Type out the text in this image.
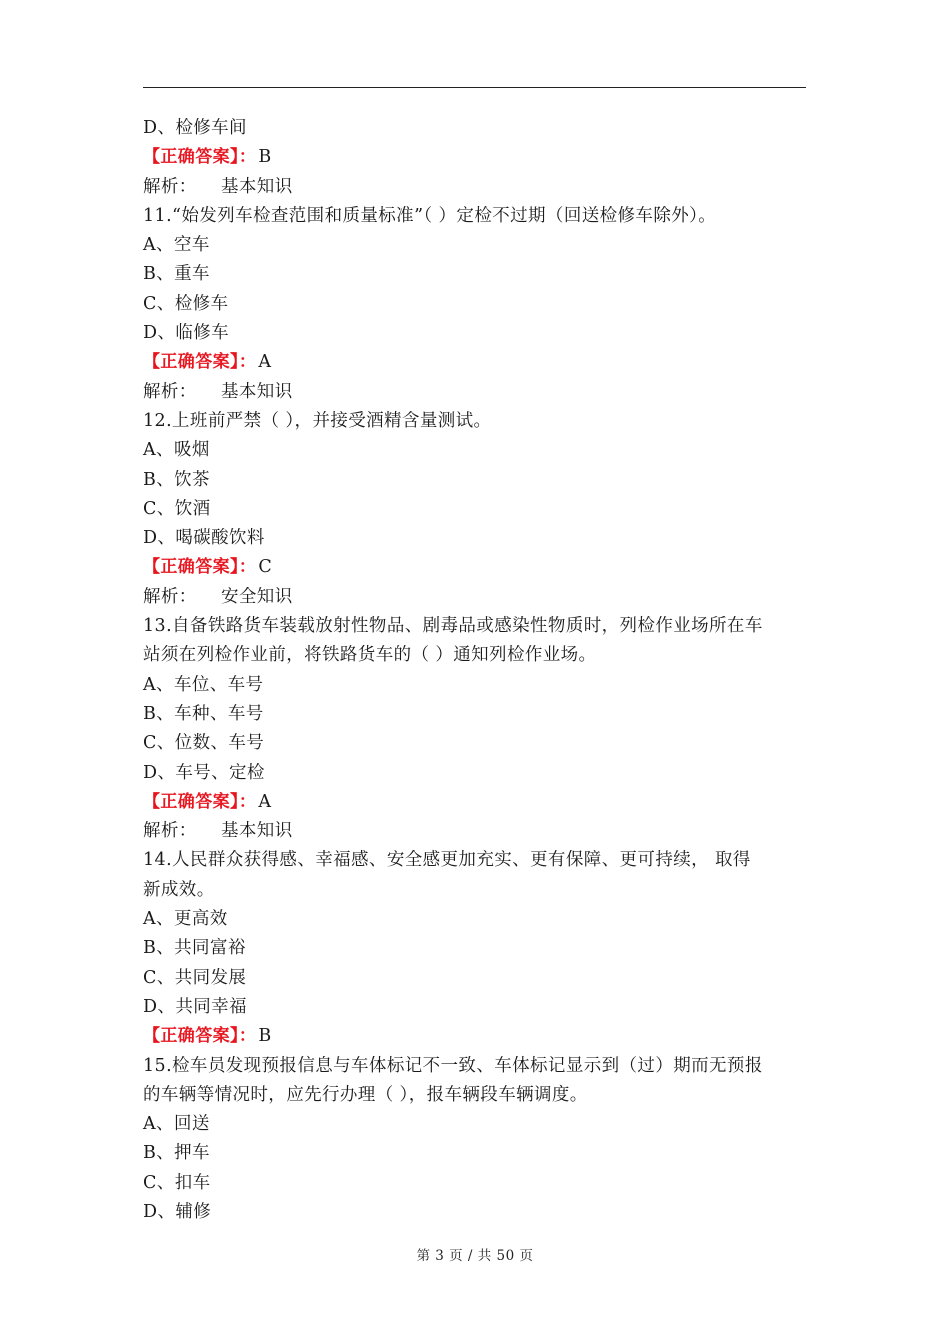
D、检修车间
【正确答案】： B
解析： 基本知识
11.“始发列车检查范围和质量标准”（ ）定检不过期（回送检修车除外）。
A、空车
B、重车
C、检修车
D、临修车
【正确答案】： A
解析： 基本知识
12.上班前严禁（ ），并接受酒精含量测试。
A、吸烟
B、饮茶
C、饮酒
D、喝碳酸饮料
【正确答案】： C
解析： 安全知识
13.自备铁路货车装载放射性物品、剧毒品或感染性物质时，列检作业场所在车
站须在列检作业前，将铁路货车的（ ）通知列检作业场。
A、车位、车号
B、车种、车号
C、位数、车号
D、车号、定检
【正确答案】： A
解析： 基本知识
14.人民群众获得感、幸福感、安全感更加充实、更有保障、更可持续， 取得
新成效。
A、更高效
B、共同富裕
C、共同发展
D、共同幸福
【正确答案】： B
15.检车员发现预报信息与车体标记不一致、车体标记显示到（过）期而无预报
的车辆等情况时，应先行办理（ ），报车辆段车辆调度。
A、回送
B、押车
C、扣车
D、辅修
第 3 页 / 共 50 页
